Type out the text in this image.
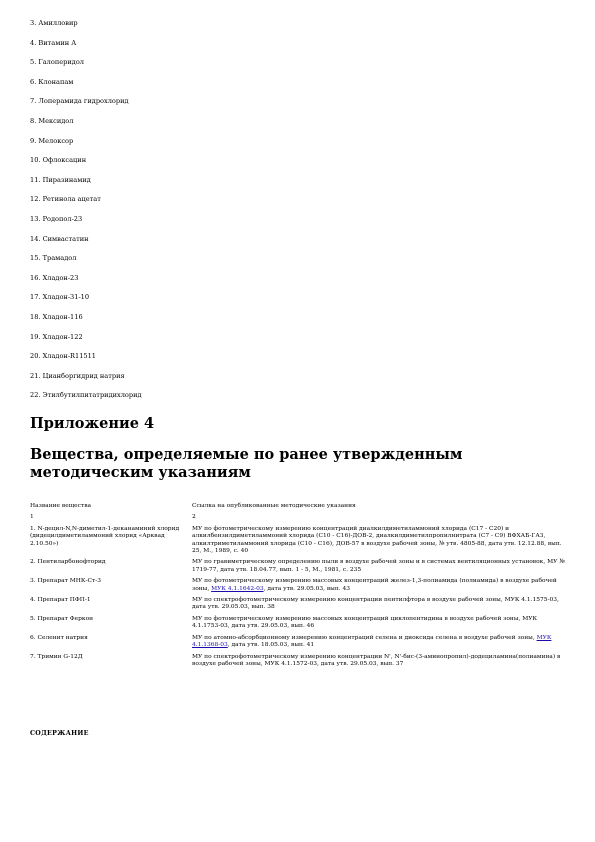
3. Амилловир
4. Витамин А
5. Галоперидол
6. Клонапам
7. Лоперамида гидрохлорид
8. Мексидол
9. Мелоксор
10. Офлоксацин
11. Пиразинамид
12. Ретинола ацетат
13. Родопол-23
14. Симвастатин
15. Трамадол
16. Хладон-23
17. Хладон-31-10
18. Хладон-116
19. Хладон-122
20. Хладон-R11511
21. Цианборгидрид натрия
22. Этилбутилпитатридихлорид
Приложение 4
Вещества, определяемые по ранее утвержденным методическим указаниям
Название вещества	Ссылка на опубликованные методические указания
1	2
1. N-децил-N,N-диметил-1-деканаминий хлорид (дидецилдиметиламмоний хлорид «Арквад 2.10.50»)	МУ по фотометрическому измерению концентраций диалкилдиметиламмоний хлорида (С17 - С20) и алкилбензилдиметиламмоний хлорида (С10 - С16)-ДОВ-2, диалкилдиметилпропилнитрата (С7 - С9) ВФХАБ-ГАЗ, алкилтриметиламмоний хлорида (С10 - С16), ДОВ-57 в воздухе рабочей зоны, № утв. 4805-88, дата утв. 12.12.88, вып. 25, М., 1989, с. 40
2. Пентиларбонофторид	МУ по гравиметрическому определению пыли в воздухе рабочей зоны и в системах вентиляционных установок, МУ № 1719-77, дата утв. 18.04.77, вып. 1 - 5, М., 1981, с. 235
3. Препарат МНК-Ст-3	МУ по фотометрическому измерению массовых концентраций желез-1,3-полиамида (полиамида) в воздухе рабочей зоны, МУК 4.1.1642-03, дата утв. 29.05.03, вып. 43
4. Препарат ПФП-1	МУ по спектрофотометрическому измерению концентрации пентилфтора в воздухе рабочей зоны, МУК 4.1.1575-03, дата утв. 29.05.03, вып. 38
5. Препарат Феркон	МУ по фотометрическому измерению массовых концентраций циклопентидина в воздухе рабочей зоны, МУК 4.1.1753-03, дата утв. 29.05.03, вып. 46
6. Селенит натрия	МУ по атомно-абсорбционному измерению концентраций селена и диоксида селена в воздухе рабочей зоны, МУК 4.1.1368-03, дата утв. 18.05.03, вып. 41
7. Тримин G-12Д	МУ по спектрофотометрическому измерению концентрации N', N'-бис-(3-аминопропил)-додециламина(полиамина) в воздухе рабочей зоны, МУК 4.1.1572-03, дата утв. 29.05.03, вып. 37
СОДЕРЖАНИЕ
